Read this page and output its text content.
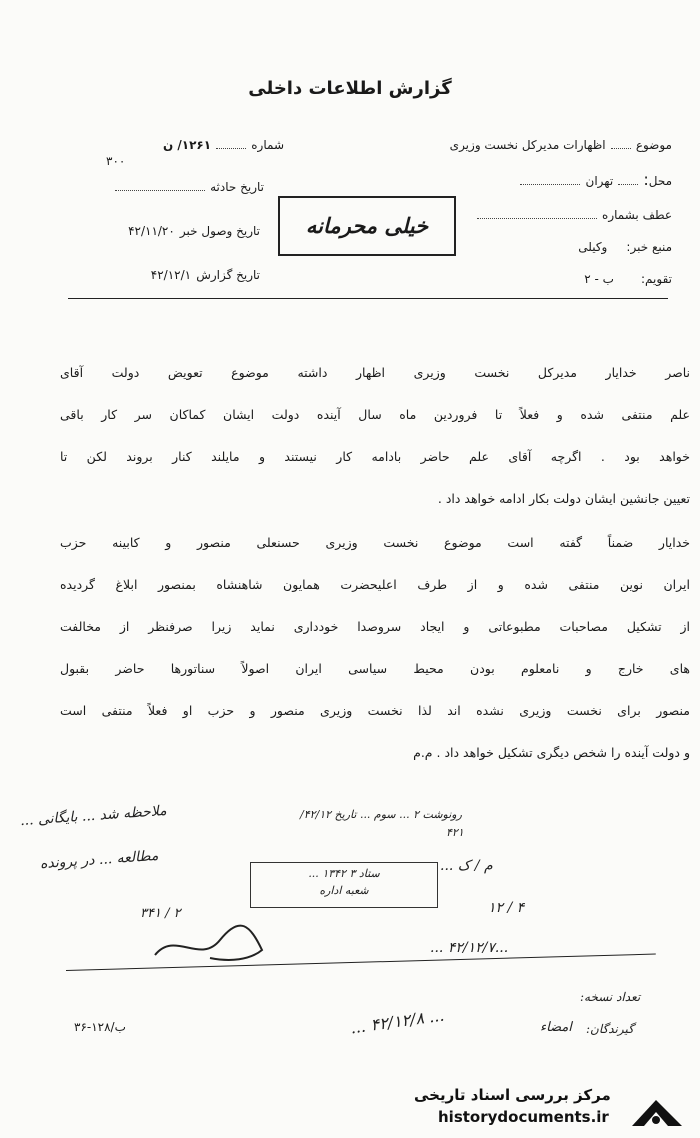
گزارش اطلاعات داخلی
موضوع  اظهارات مدیرکل نخست وزیری
محل:  تهران
عطف بشماره
منبع خبر: وکیلی
تقویم: ب - ۲
شماره  ۱۲۶۱/ ن
۳۰۰
تاریخ حادثه
تاریخ وصول خبر ۴۲/۱۱/۲۰
تاریخ گزارش ۴۲/۱۲/۱
خیلی محرمانه
ناصر خدایار مدیرکل نخست وزیری اظهار داشته موضوع تعویض دولت آقای
علم منتفی شده و فعلاً تا فروردین ماه سال آینده دولت ایشان کماکان سر کار باقی
خواهد بود . اگرچه آقای علم حاضر بادامه کار نیستند و مایلند کنار بروند لکن تا
تعیین جانشین ایشان دولت بکار ادامه خواهد داد .
خدایار ضمناً گفته است موضوع نخست وزیری حسنعلی منصور و کابینه حزب
ایران نوین منتفی شده و از طرف اعلیحضرت همایون شاهنشاه بمنصور ابلاغ گردیده
از تشکیل مصاحبات مطبوعاتی و ایجاد سروصدا خودداری نماید زیرا صرفنظر از مخالفت
های خارج و نامعلوم بودن محیط سیاسی ایران اصولاً سناتورها حاضر بقبول
منصور برای نخست وزیری نشده اند لذا نخست وزیری منصور و حزب او فعلاً منتفی است
و دولت آینده را شخص دیگری تشکیل خواهد داد . م.م
رونوشت ۲ ... سوم ... تاریخ ۴۲/۱۲/
۴۲۱
ستاد ۳ ۱۳۴۲ ...
شعبه اداره
م / ک ...
۱۲ / ۴
...۴۲/۱۲/۷ ...
ملاحظه شد ... بایگانی ...
مطالعه ... در پرونده
۳۴۱ / ۲
تعداد نسخه:
گیرندگان:
... ۴۲/۱۲/۸ ...
امضاء
۳۶-۱۲۸/ب
مرکز بررسی اسناد تاریخی
historydocuments.ir
